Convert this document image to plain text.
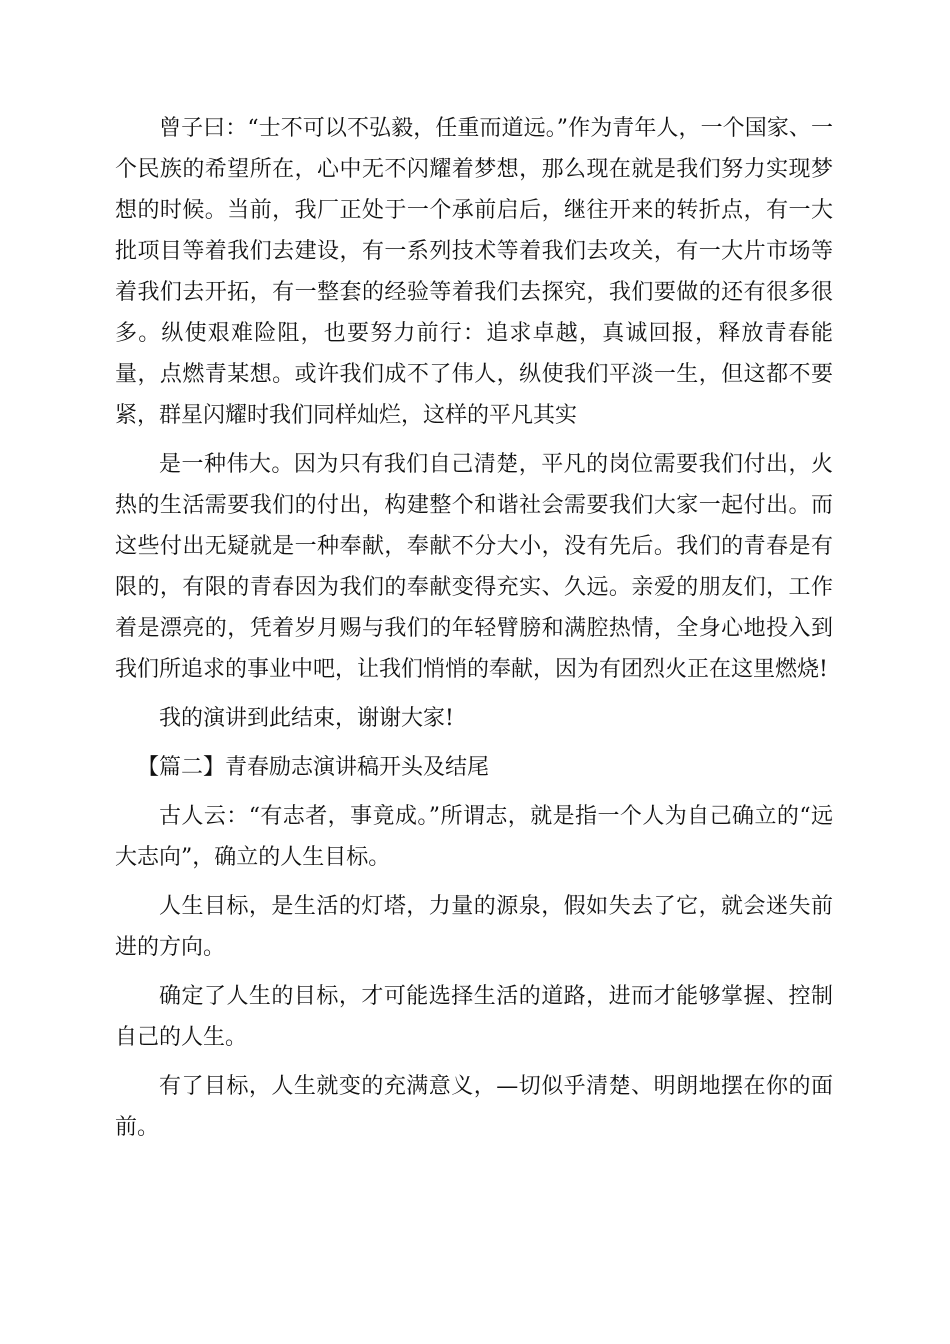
曾子曰：“士不可以不弘毅，任重而道远。”作为青年人，一个国家、一个民族的希望所在，心中无不闪耀着梦想，那么现在就是我们努力实现梦想的时候。当前，我厂正处于一个承前启后，继往开来的转折点，有一大批项目等着我们去建设，有一系列技术等着我们去攻关，有一大片市场等着我们去开拓，有一整套的经验等着我们去探究，我们要做的还有很多很多。纵使艰难险阻，也要努力前行：追求卓越，真诚回报，释放青春能量，点燃青某想。或许我们成不了伟人，纵使我们平淡一生，但这都不要紧，群星闪耀时我们同样灿烂，这样的平凡其实

是一种伟大。因为只有我们自己清楚，平凡的岗位需要我们付出，火热的生活需要我们的付出，构建整个和谐社会需要我们大家一起付出。而这些付出无疑就是一种奉献，奉献不分大小，没有先后。我们的青春是有限的，有限的青春因为我们的奉献变得充实、久远。亲爱的朋友们，工作着是漂亮的，凭着岁月赐与我们的年轻臂膀和满腔热情，全身心地投入到我们所追求的事业中吧，让我们悄悄的奉献，因为有团烈火正在这里燃烧!

我的演讲到此结束，谢谢大家!

【篇二】青春励志演讲稿开头及结尾

古人云：“有志者，事竟成。”所谓志，就是指一个人为自己确立的“远大志向”，确立的人生目标。

人生目标，是生活的灯塔，力量的源泉，假如失去了它，就会迷失前进的方向。

确定了人生的目标，才可能选择生活的道路，进而才能够掌握、控制自己的人生。

有了目标，人生就变的充满意义，—切似乎清楚、明朗地摆在你的面前。
